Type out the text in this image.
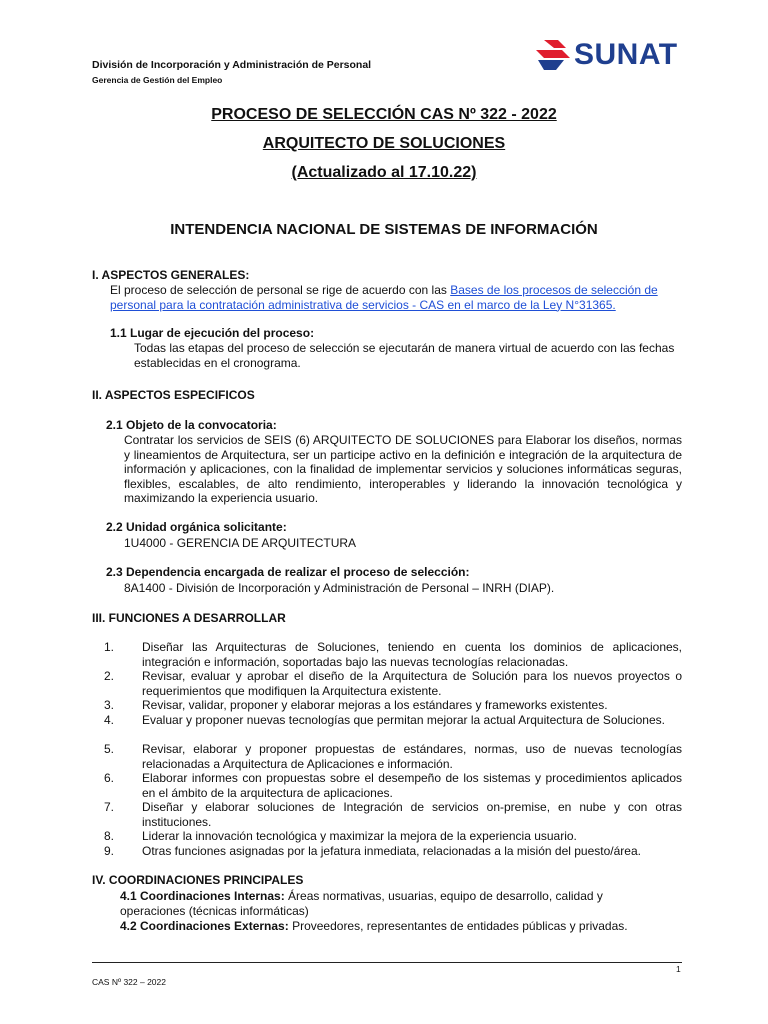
División de Incorporación y Administración de Personal
Gerencia de Gestión del Empleo
SUNAT
PROCESO DE SELECCIÓN CAS Nº 322 - 2022
ARQUITECTO DE SOLUCIONES
(Actualizado al 17.10.22)
INTENDENCIA NACIONAL DE SISTEMAS DE INFORMACIÓN
I. ASPECTOS GENERALES:
El proceso de selección de personal se rige de acuerdo con las Bases de los procesos de selección de personal para la contratación administrativa de servicios - CAS en el marco de la Ley N°31365.
1.1 Lugar de ejecución del proceso:
Todas las etapas del proceso de selección se ejecutarán de manera virtual de acuerdo con las fechas establecidas en el cronograma.
II. ASPECTOS ESPECIFICOS
2.1 Objeto de la convocatoria:
Contratar los servicios de SEIS (6) ARQUITECTO DE SOLUCIONES para Elaborar los diseños, normas y lineamientos de Arquitectura, ser un participe activo en la definición e integración de la arquitectura de información y aplicaciones, con la finalidad de implementar servicios y soluciones informáticas seguras, flexibles, escalables, de alto rendimiento, interoperables y liderando la innovación tecnológica y maximizando la experiencia usuario.
2.2 Unidad orgánica solicitante:
1U4000 - GERENCIA DE ARQUITECTURA
2.3 Dependencia encargada de realizar el proceso de selección:
8A1400 - División de Incorporación y Administración de Personal – INRH (DIAP).
III. FUNCIONES A DESARROLLAR
1.	Diseñar las Arquitecturas de Soluciones, teniendo en cuenta los dominios de aplicaciones, integración e información, soportadas bajo las nuevas tecnologías relacionadas.
2.	Revisar, evaluar y aprobar el diseño de la Arquitectura de Solución para los nuevos proyectos o requerimientos que modifiquen la Arquitectura existente.
3.	Revisar, validar, proponer y elaborar mejoras a los estándares y frameworks existentes.
4.	Evaluar y proponer nuevas tecnologías que permitan mejorar la actual Arquitectura de Soluciones.
5.	Revisar, elaborar y proponer propuestas de estándares, normas, uso de nuevas tecnologías relacionadas a Arquitectura de Aplicaciones e información.
6.	Elaborar informes con propuestas sobre el desempeño de los sistemas y procedimientos aplicados en el ámbito de la arquitectura de aplicaciones.
7.	Diseñar y elaborar soluciones de Integración de servicios on-premise, en nube y con otras instituciones.
8.	Liderar la innovación tecnológica y maximizar la mejora de la experiencia usuario.
9.	Otras funciones asignadas por la jefatura inmediata, relacionadas a la misión del puesto/área.
IV. COORDINACIONES PRINCIPALES
4.1 Coordinaciones Internas: Áreas normativas, usuarias, equipo de desarrollo, calidad y operaciones (técnicas informáticas)
4.2 Coordinaciones Externas: Proveedores, representantes de entidades públicas y privadas.
1
CAS Nº 322 – 2022
